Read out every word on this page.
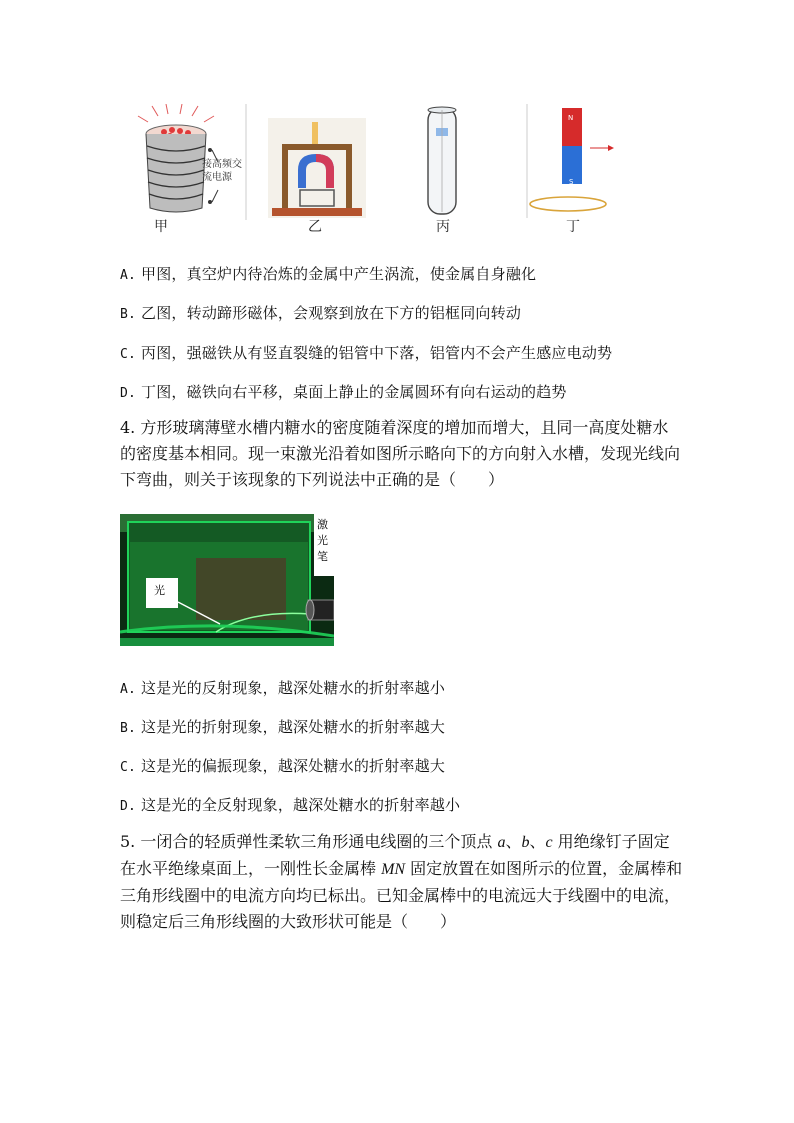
接高频交
流电源
甲	乙	丙
N
S
丁
A. 甲图，真空炉内待冶炼的金属中产生涡流，使金属自身融化
B. 乙图，转动蹄形磁体，会观察到放在下方的铝框同向转动
C. 丙图，强磁铁从有竖直裂缝的铝管中下落，铝管内不会产生感应电动势
D. 丁图，磁铁向右平移，桌面上静止的金属圆环有向右运动的趋势
4. 方形玻璃薄壁水槽内糖水的密度随着深度的增加而增大，且同一高度处糖水
的密度基本相同。现一束激光沿着如图所示略向下的方向射入水槽，发现光线向
下弯曲，则关于该现象的下列说法中正确的是（　　）
激光笔
光
A. 这是光的反射现象，越深处糖水的折射率越小
B. 这是光的折射现象，越深处糖水的折射率越大
C. 这是光的偏振现象，越深处糖水的折射率越大
D. 这是光的全反射现象，越深处糖水的折射率越小
5. 一闭合的轻质弹性柔软三角形通电线圈的三个顶点 a、b、c 用绝缘钉子固定
在水平绝缘桌面上，一刚性长金属棒 MN 固定放置在如图所示的位置，金属棒和
三角形线圈中的电流方向均已标出。已知金属棒中的电流远大于线圈中的电流，
则稳定后三角形线圈的大致形状可能是（　　）
